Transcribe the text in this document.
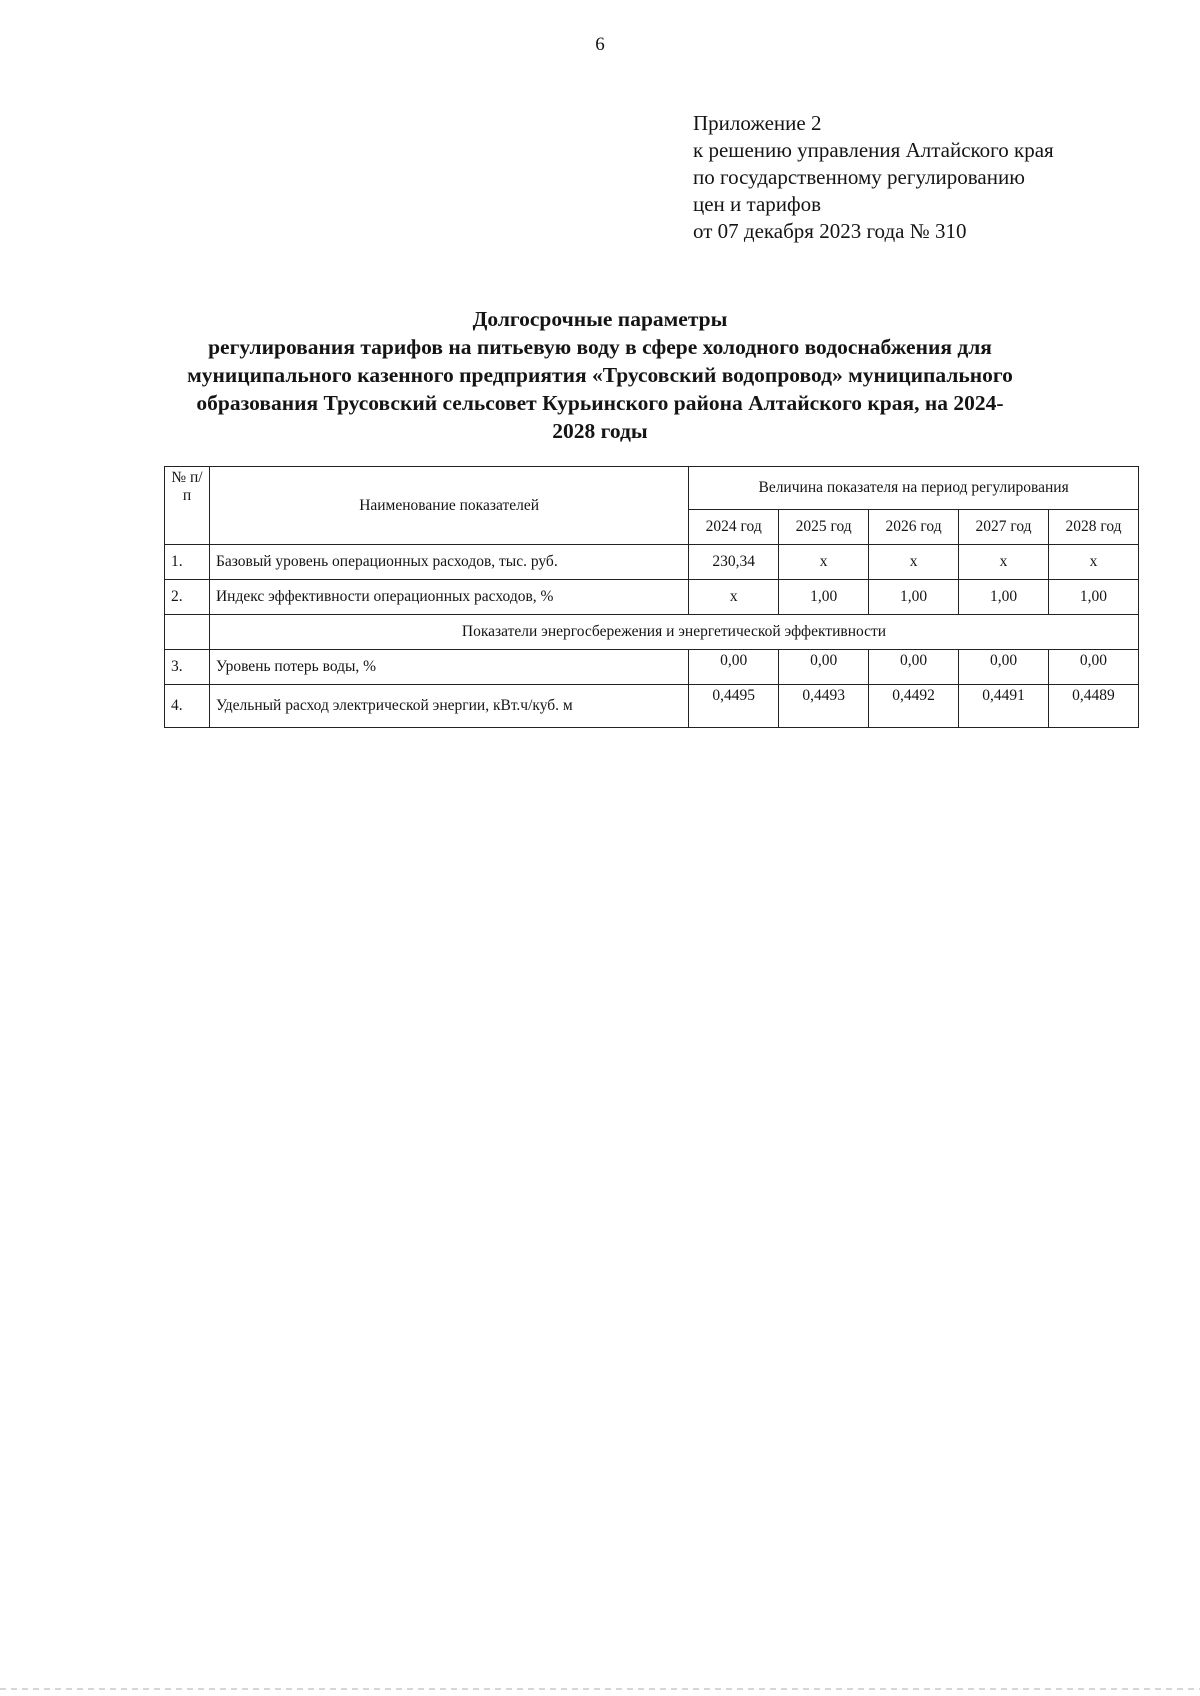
6
Приложение 2
к решению управления Алтайского края
по государственному регулированию
цен и тарифов
от 07 декабря 2023 года № 310
Долгосрочные параметры
регулирования тарифов на питьевую воду в сфере холодного водоснабжения для
муниципального казенного предприятия «Трусовский водопровод» муниципального
образования Трусовский сельсовет Курьинского района Алтайского края, на 2024-
2028 годы
№ п/п	Наименование показателей	Величина показателя на период регулирования				
		2024 год	2025 год	2026 год	2027 год	2028 год
1.	Базовый уровень операционных расходов, тыс. руб.	230,34	х	х	х	х
2.	Индекс эффективности операционных расходов, %	х	1,00	1,00	1,00	1,00
	Показатели энергосбережения и энергетической эффективности					
3.	Уровень потерь воды, %	0,00	0,00	0,00	0,00	0,00
4.	Удельный расход электрической энергии, кВт.ч/куб. м	0,4495	0,4493	0,4492	0,4491	0,4489
